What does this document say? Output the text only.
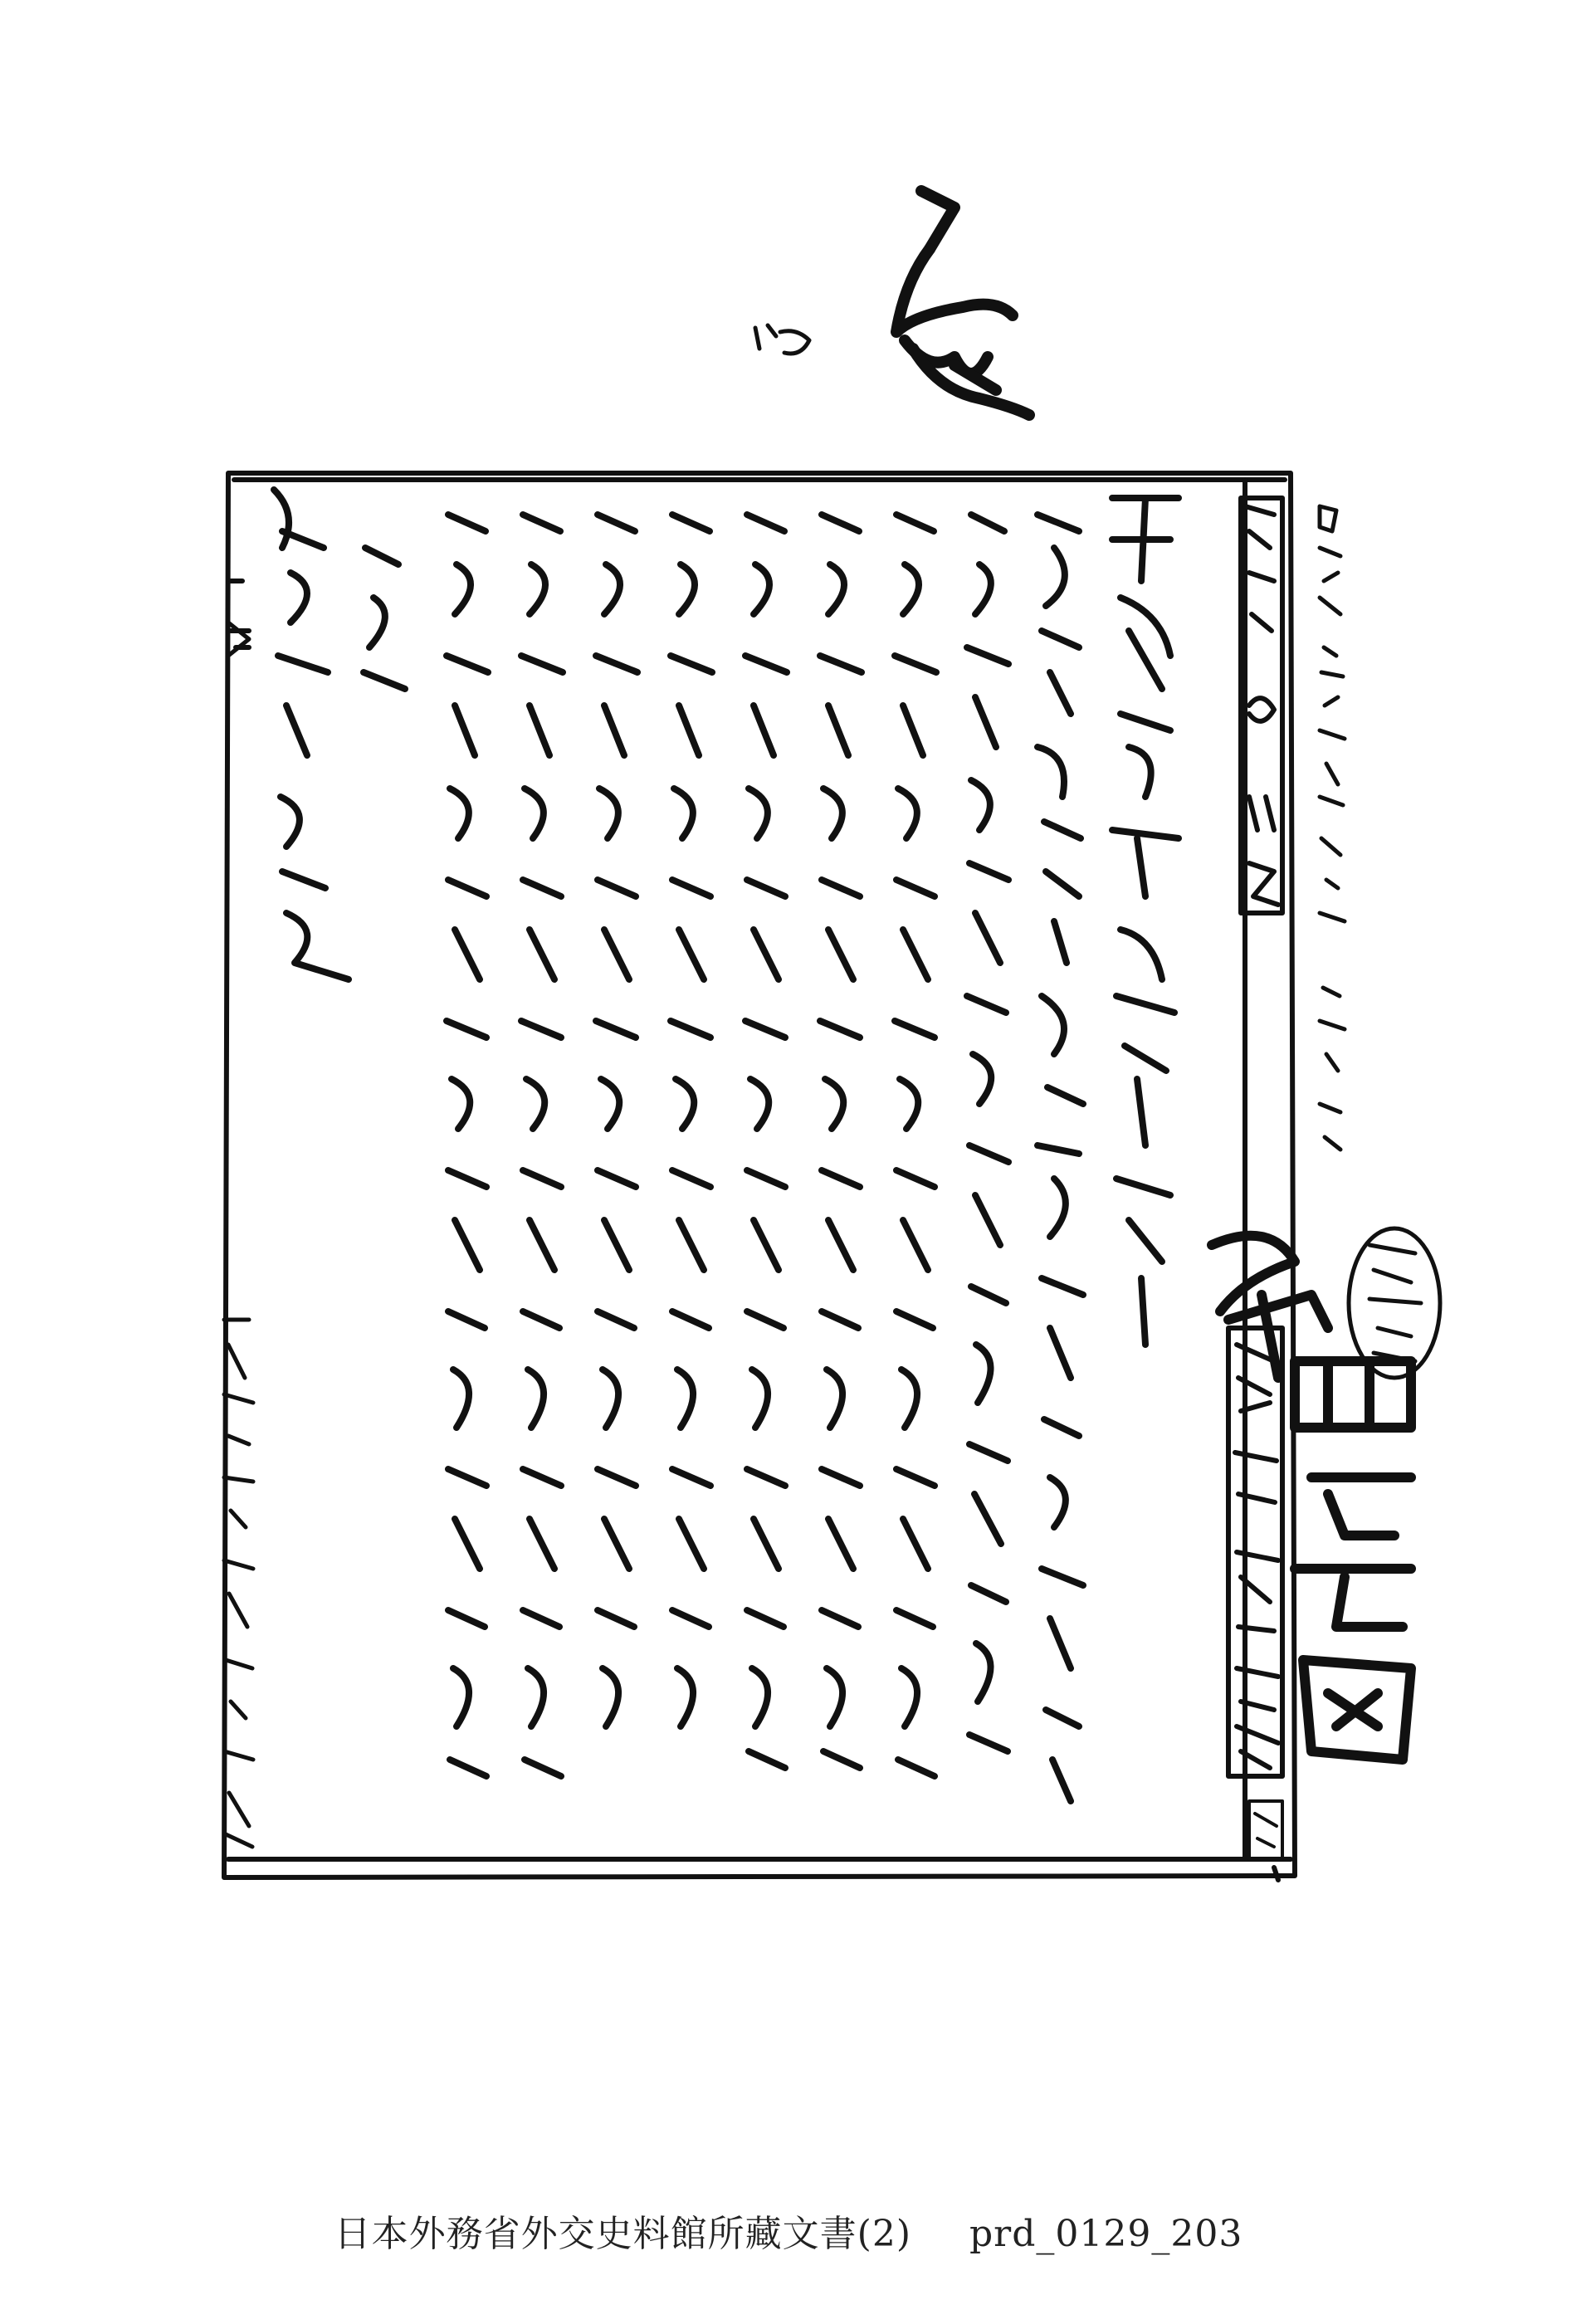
日本外務省外交史料館所藏文書(2) prd_0129_203
